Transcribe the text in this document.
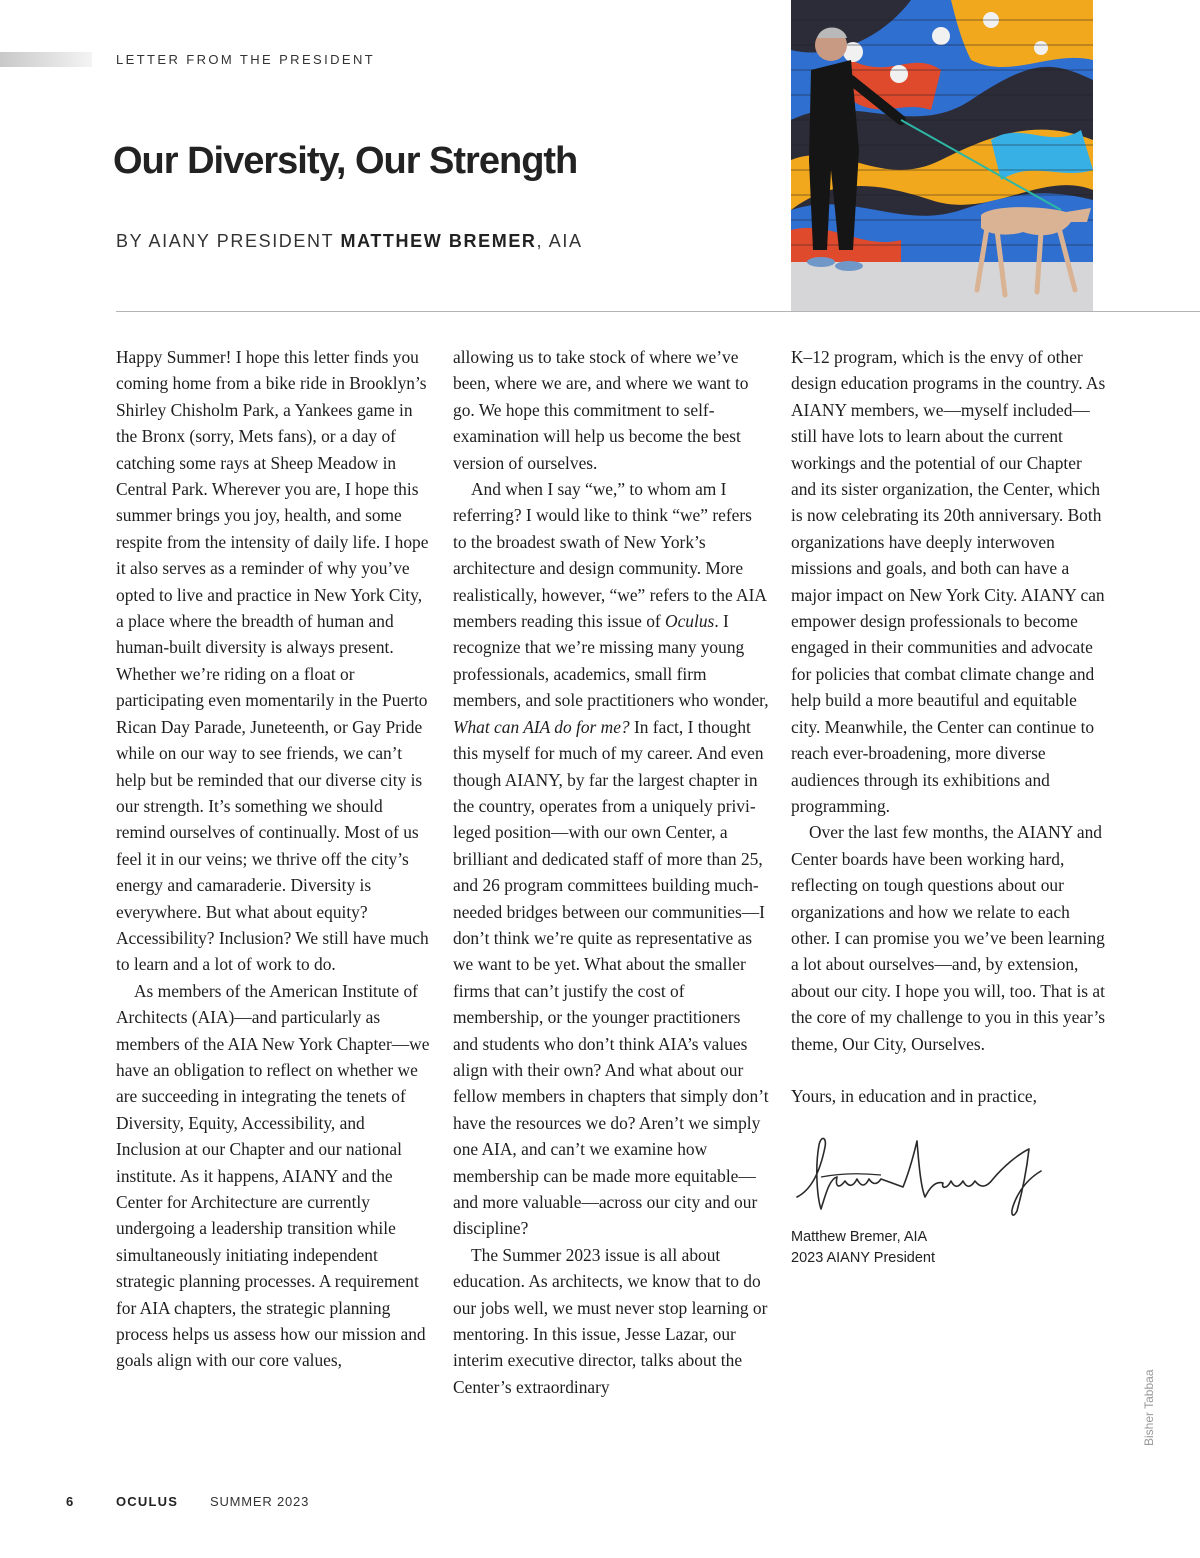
LETTER FROM THE PRESIDENT
Our Diversity, Our Strength
BY AIANY PRESIDENT MATTHEW BREMER, AIA

Happy Summer! I hope this letter finds you coming home from a bike ride in Brooklyn’s Shirley Chisholm Park, a Yankees game in the Bronx (sorry, Mets fans), or a day of catching some rays at Sheep Meadow in Central Park. Wherever you are, I hope this summer brings you joy, health, and some respite from the intensity of daily life. I hope it also serves as a reminder of why you’ve opted to live and practice in New York City, a place where the breadth of human and human-built diversity is always present. Whether we’re riding on a float or participating even momentarily in the Puerto Rican Day Parade, Juneteenth, or Gay Pride while on our way to see friends, we can’t help but be reminded that our diverse city is our strength. It’s something we should remind ourselves of continually. Most of us feel it in our veins; we thrive off the city’s energy and camaraderie. Diversity is everywhere. But what about equity? Accessibility? Inclusion? We still have much to learn and a lot of work to do.

As members of the American Institute of Architects (AIA)—and particularly as members of the AIA New York Chapter—we have an obligation to reflect on whether we are succeeding in integrating the tenets of Diversity, Equity, Accessibility, and Inclusion at our Chapter and our national institute. As it happens, AIANY and the Center for Architecture are currently undergoing a leadership transition while simultaneously initiating independent strategic planning processes. A requirement for AIA chapters, the strategic planning process helps us assess how our mission and goals align with our core values,

allowing us to take stock of where we’ve been, where we are, and where we want to go. We hope this commitment to self-examination will help us become the best version of ourselves.

And when I say “we,” to whom am I referring? I would like to think “we” refers to the broadest swath of New York’s architecture and design community. More realistically, however, “we” refers to the AIA members reading this issue of Oculus. I recognize that we’re missing many young professionals, academics, small firm members, and sole practitioners who wonder, What can AIA do for me? In fact, I thought this myself for much of my career. And even though AIANY, by far the largest chapter in the country, operates from a uniquely privileged position—with our own Center, a brilliant and dedicated staff of more than 25, and 26 program committees building much-needed bridges between our communities—I don’t think we’re quite as representative as we want to be yet. What about the smaller firms that can’t justify the cost of membership, or the younger practitioners and students who don’t think AIA’s values align with their own? And what about our fellow members in chapters that simply don’t have the resources we do? Aren’t we simply one AIA, and can’t we examine how membership can be made more equitable—and more valuable—across our city and our discipline?

The Summer 2023 issue is all about education. As architects, we know that to do our jobs well, we must never stop learning or mentoring. In this issue, Jesse Lazar, our interim executive director, talks about the Center’s extraordinary

K–12 program, which is the envy of other design education programs in the country. As AIANY members, we—myself included—still have lots to learn about the current workings and the potential of our Chapter and its sister organization, the Center, which is now celebrating its 20th anniversary. Both organizations have deeply interwoven missions and goals, and both can have a major impact on New York City. AIANY can empower design professionals to become engaged in their communities and advocate for policies that combat climate change and help build a more beautiful and equitable city. Meanwhile, the Center can continue to reach ever-broadening, more diverse audiences through its exhibitions and programming.

Over the last few months, the AIANY and Center boards have been working hard, reflecting on tough questions about our organizations and how we relate to each other. I can promise you we’ve been learning a lot about ourselves—and, by extension, about our city. I hope you will, too. That is at the core of my challenge to you in this year’s theme, Our City, Ourselves.

Yours, in education and in practice,

Matthew Bremer, AIA
2023 AIANY President
Bisher Tabbaa
6	OCULUS SUMMER 2023
